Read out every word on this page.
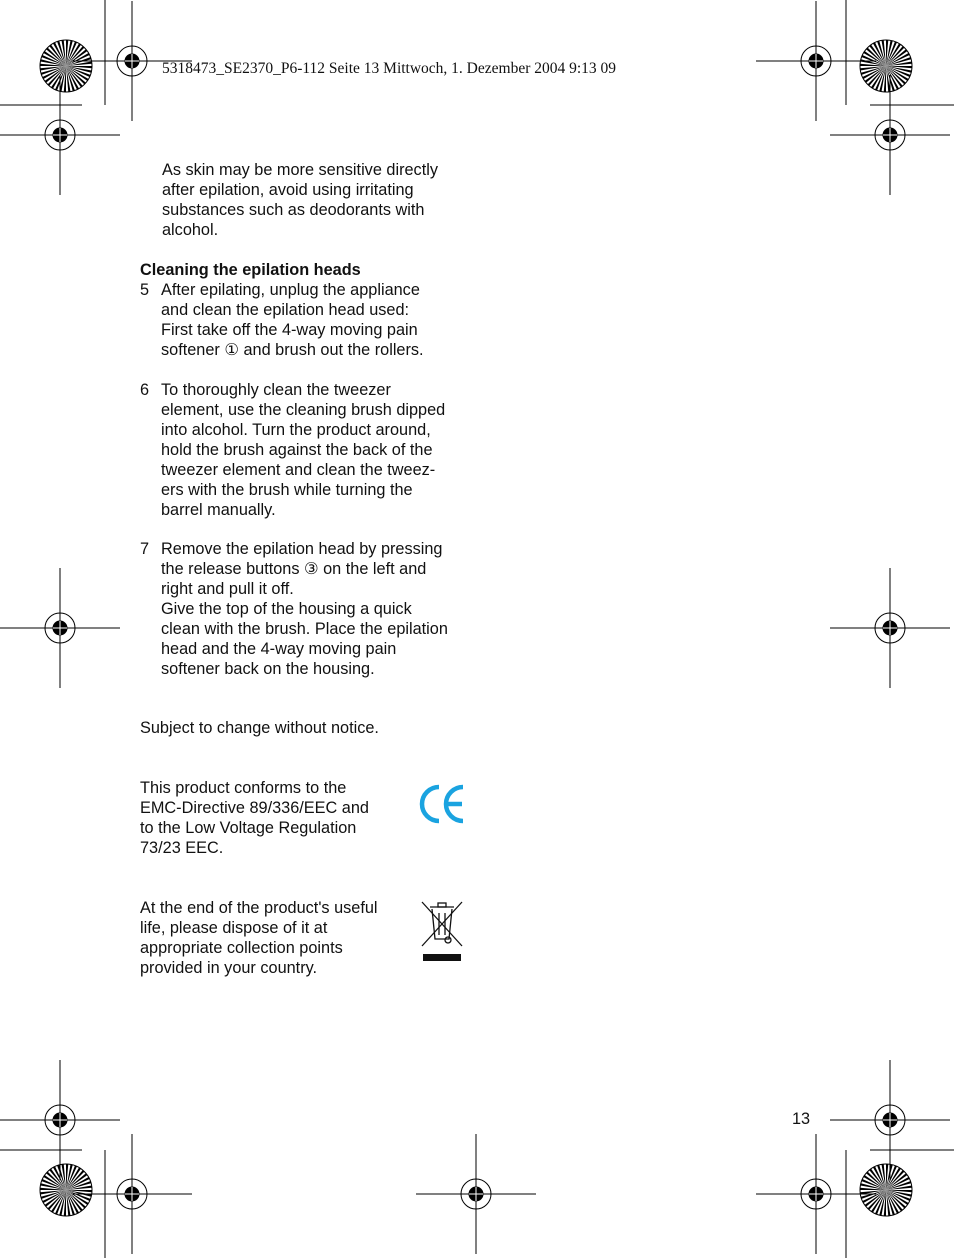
5318473_SE2370_P6-112 Seite 13 Mittwoch, 1. Dezember 2004 9:13 09

As skin may be more sensitive directly
after epilation, avoid using irritating
substances such as deodorants with
alcohol.

Cleaning the epilation heads
5 After epilating, unplug the appliance
and clean the epilation head used:
First take off the 4-way moving pain
softener ① and brush out the rollers.
6 To thoroughly clean the tweezer
element, use the cleaning brush dipped
into alcohol. Turn the product around,
hold the brush against the back of the
tweezer element and clean the tweez-
ers with the brush while turning the
barrel manually.
7 Remove the epilation head by pressing
the release buttons ③ on the left and
right and pull it off.
Give the top of the housing a quick
clean with the brush. Place the epilation
head and the 4-way moving pain
softener back on the housing.
Subject to change without notice.

This product conforms to the
EMC-Directive 89/336/EEC and
to the Low Voltage Regulation
73/23 EEC.

At the end of the product's useful
life, please dispose of it at
appropriate collection points
provided in your country.

13
